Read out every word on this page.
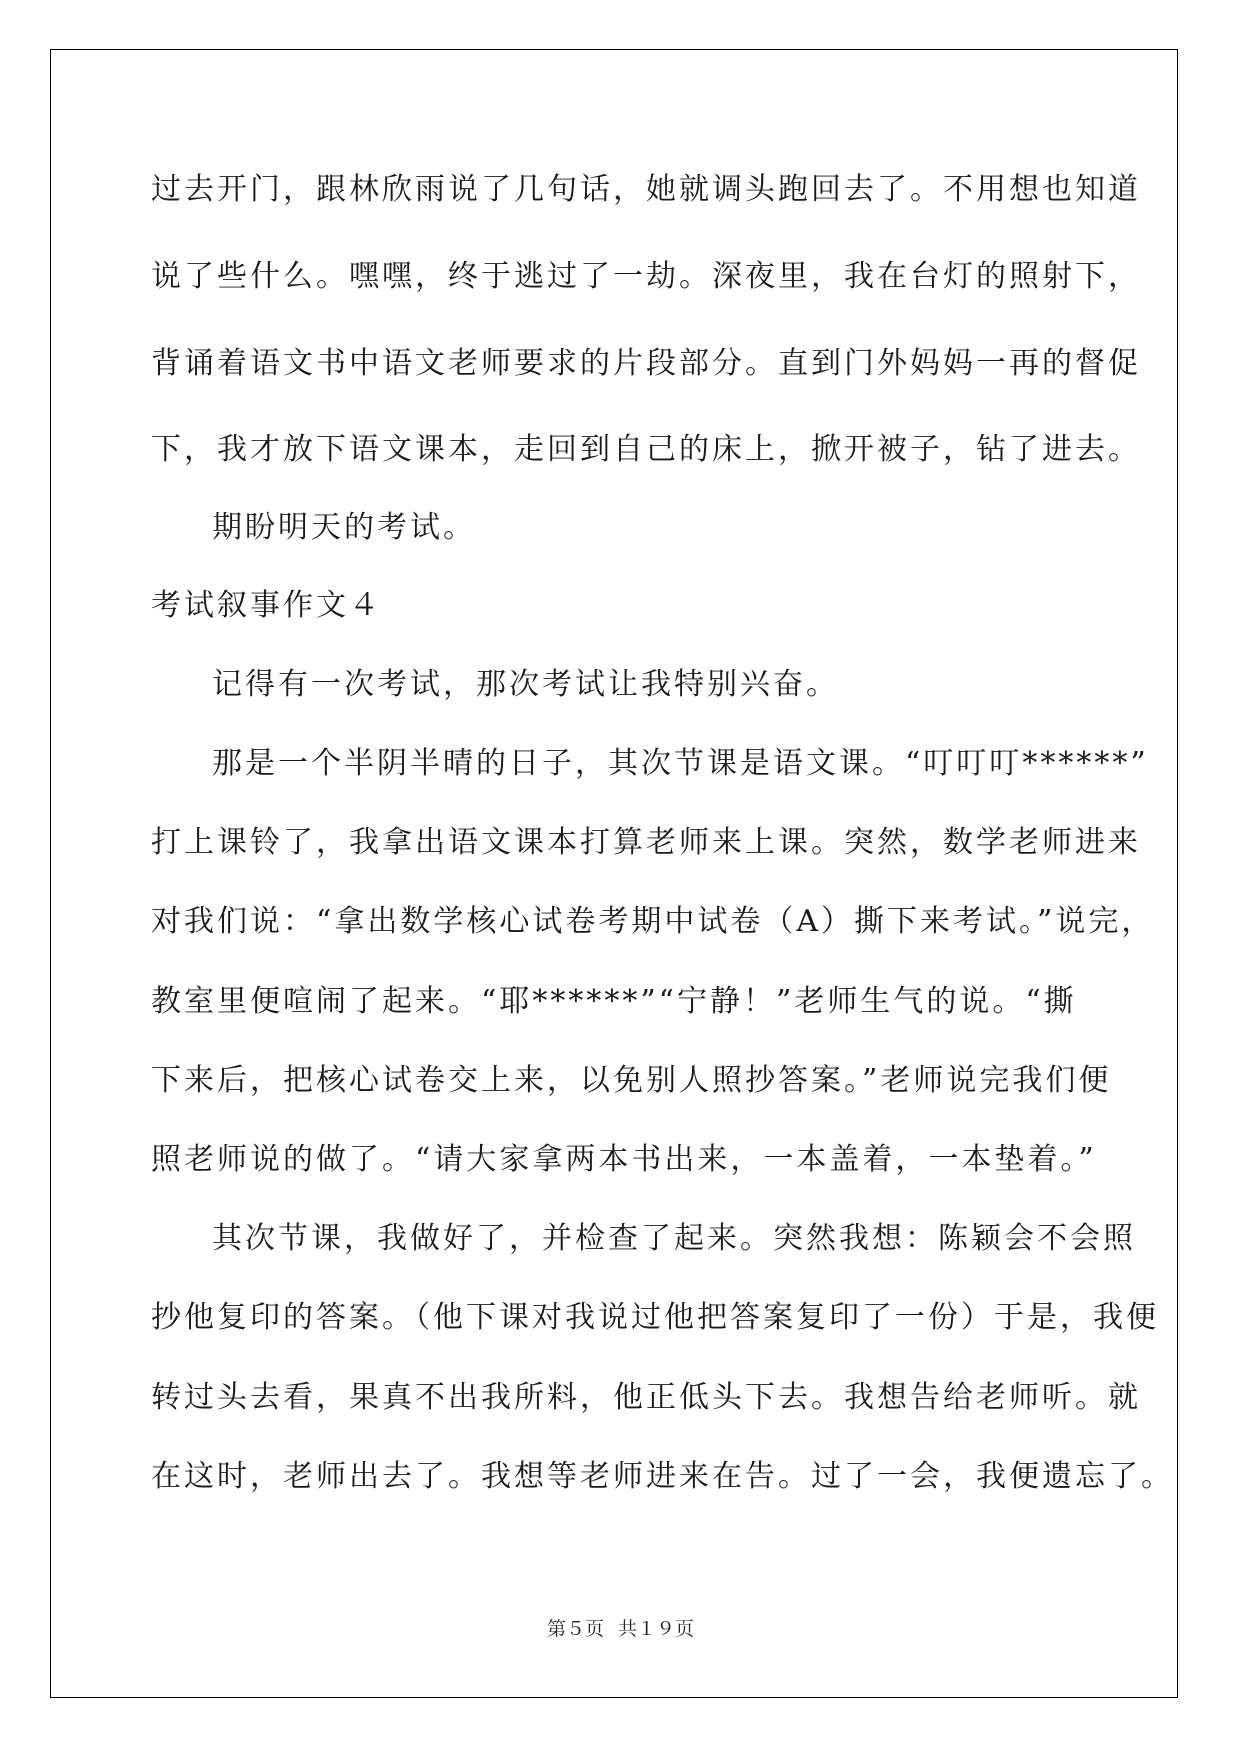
过去开门，跟林欣雨说了几句话，她就调头跑回去了。不用想也知道

说了些什么。嘿嘿，终于逃过了一劫。深夜里，我在台灯的照射下，

背诵着语文书中语文老师要求的片段部分。直到门外妈妈一再的督促

下，我才放下语文课本，走回到自己的床上，掀开被子，钻了进去。

期盼明天的考试。

考试叙事作文４

记得有一次考试，那次考试让我特别兴奋。

那是一个半阴半晴的日子，其次节课是语文课。“叮叮叮******”

打上课铃了，我拿出语文课本打算老师来上课。突然，数学老师进来

对我们说：“拿出数学核心试卷考期中试卷（A）撕下来考试。”说完，

教室里便喧闹了起来。“耶******”“宁静！”老师生气的说。“撕

下来后，把核心试卷交上来，以免别人照抄答案。”老师说完我们便

照老师说的做了。“请大家拿两本书出来，一本盖着，一本垫着。”

其次节课，我做好了，并检查了起来。突然我想：陈颖会不会照

抄他复印的答案。（他下课对我说过他把答案复印了一份）于是，我便

转过头去看，果真不出我所料，他正低头下去。我想告给老师听。就

在这时，老师出去了。我想等老师进来在告。过了一会，我便遗忘了。

第５页 共１９页
